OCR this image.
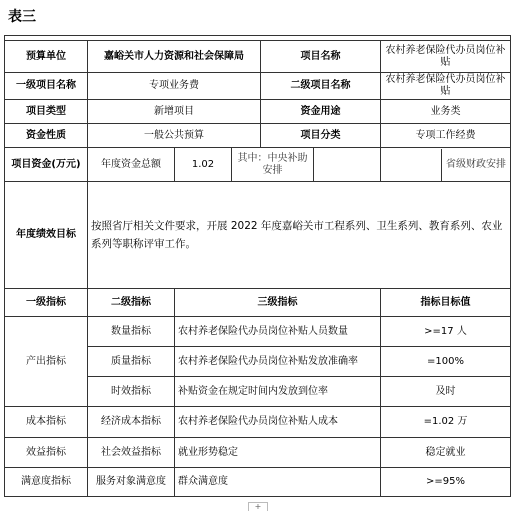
表三

预算单位	嘉峪关市人力资源和社会保障局			项目名称		农村养老保险代办员岗位补贴
一级项目名称	专项业务费			二级项目名称		农村养老保险代办员岗位补贴
项目类型	新增项目			资金用途		业务类
资金性质	一般公共预算			项目分类		专项工作经费
项目资金(万元)	年度资金总额	1.02	其中：中央补助安排			省级财政安排

年度绩效目标	按照省厅相关文件要求，开展 2022 年度嘉峪关市工程系列、卫生系列、教育系列、农业系列等职称评审工作。					
一级指标	二级指标	三级指标				指标目标值
产出指标	数量指标	农村养老保险代办员岗位补贴人员数量				>=17 人
	质量指标	农村养老保险代办员岗位补贴发放准确率				=100%
	时效指标	补贴资金在规定时间内发放到位率				及时
成本指标	经济成本指标	农村养老保险代办员岗位补贴人成本				=1.02 万
效益指标	社会效益指标	就业形势稳定				稳定就业
满意度指标	服务对象满意度	群众满意度				>=95%
+
